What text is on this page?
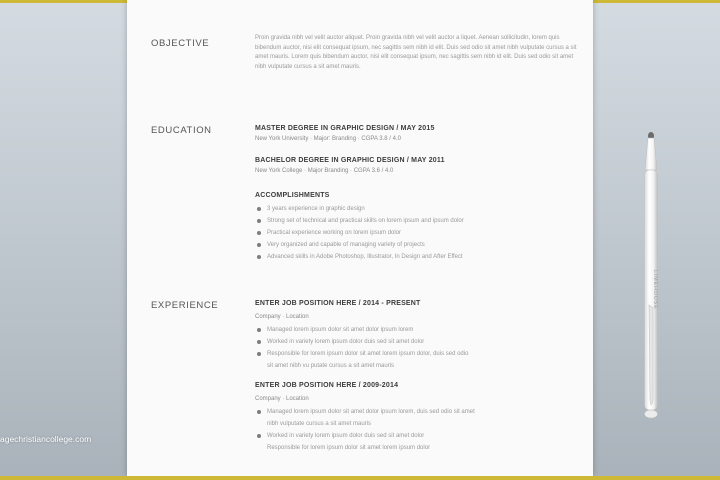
OBJECTIVE	Proin gravida nibh vel velit auctor aliquet. Proin gravida nibh vel velit auctor a liquet. Aenean sollicitudin, lorem quis bibendum auctor, nisi elit consequat ipsum, nec sagittis sem nibh id elit. Duis sed odio sit amet nibh vulputate cursus a sit amet mauris. Lorem quis bibendum auctor, nisi elit consequat ipsum, nec sagittis sem nibh id elit. Duis sed odio sit amet nibh vulputate cursus a sit amet mauris.

EDUCATION	MASTER DEGREE IN GRAPHIC DESIGN / MAY 2015

New York University · Major: Branding · CGPA 3.8 / 4.0

BACHELOR DEGREE IN GRAPHIC DESIGN / MAY 2011

New York College · Major Branding · CGPA 3.6 / 4.0

ACCOMPLISHMENTS

3 years experience in graphic design
Strong set of technical and practical skills on lorem ipsum and ipsum dolor
Practical experience working on lorem ipsum dolor
Very organized and capable of managing variety of projects
Advanced skills in Adobe Photoshop, Illustrator, In Design and After Effect
EXPERIENCE	ENTER JOB POSITION HERE / 2014 - PRESENT

Company · Location

Managed lorem ipsum dolor sit amet dolor ipsum lorem
Worked in variety lorem ipsum dolor duis sed sit amet dolor
Responsible for lorem ipsum dolor sit amet lorem ipsum dolor, duis sed odio
sit amet nibh vu putate cursus a sit amet mauris

ENTER JOB POSITION HERE / 2009-2014

Company · Location

Managed lorem ipsum dolor sit amet dolor ipsum lorem, duis sed odio sit amet
nibh vulputate cursus a sit amet mauris
Worked in variety lorem ipsum dolor duis sed sit amet dolor
Responsible for lorem ipsum dolor sit amet lorem ipsum dolor
LIMEHOUSE
agechristiancollege.com
